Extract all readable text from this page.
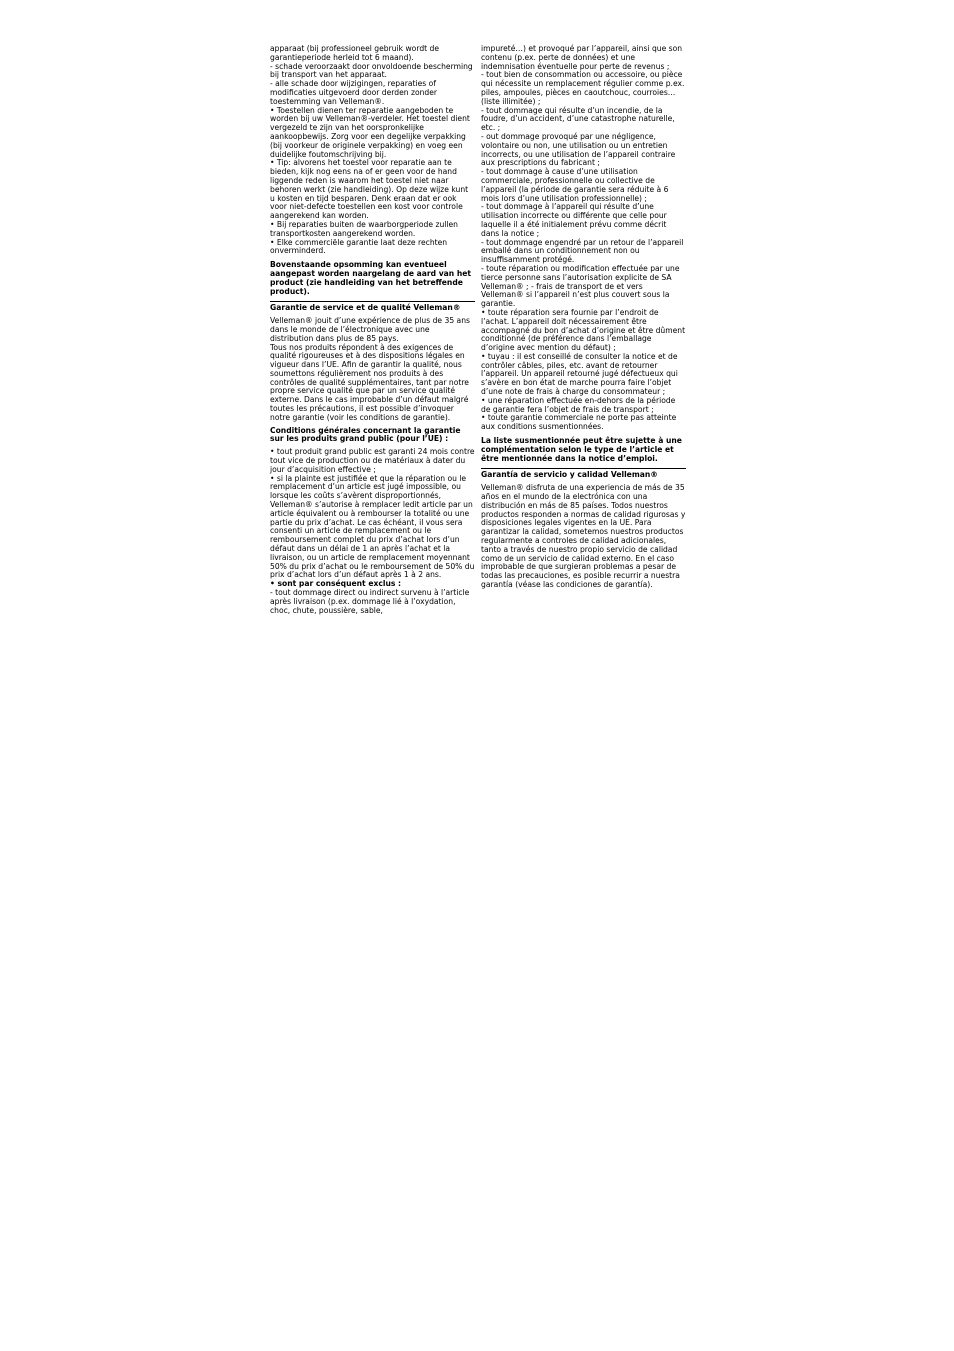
apparaat (bij professioneel gebruik wordt de garantieperiode herleid tot 6 maand).

- schade veroorzaakt door onvoldoende bescherming bij transport van het apparaat.

- alle schade door wijzigingen, reparaties of modificaties uitgevoerd door derden zonder toestemming van Velleman®.

• Toestellen dienen ter reparatie aangeboden te worden bij uw Velleman®-verdeler. Het toestel dient vergezeld te zijn van het oorspronkelijke aankoopbewijs. Zorg voor een degelijke verpakking (bij voorkeur de originele verpakking) en voeg een duidelijke foutomschrijving bij.

• Tip: alvorens het toestel voor reparatie aan te bieden, kijk nog eens na of er geen voor de hand liggende reden is waarom het toestel niet naar behoren werkt (zie handleiding). Op deze wijze kunt u kosten en tijd besparen. Denk eraan dat er ook voor niet-defecte toestellen een kost voor controle aangerekend kan worden.

• Bij reparaties buiten de waarborgperiode zullen transportkosten aangerekend worden.

• Elke commerciële garantie laat deze rechten onverminderd.

Bovenstaande opsomming kan eventueel aangepast worden naargelang de aard van het product (zie handleiding van het betreffende product).

Garantie de service et de qualité Velleman®

Velleman® jouit d’une expérience de plus de 35 ans dans le monde de l’électronique avec une distribution dans plus de 85 pays.

Tous nos produits répondent à des exigences de qualité rigoureuses et à des dispositions légales en vigueur dans l’UE. Afin de garantir la qualité, nous soumettons régulièrement nos produits à des contrôles de qualité supplémentaires, tant par notre propre service qualité que par un service qualité externe. Dans le cas improbable d’un défaut malgré toutes les précautions, il est possible d’invoquer notre garantie (voir les conditions de garantie).

Conditions générales concernant la garantie sur les produits grand public (pour l’UE) :

• tout produit grand public est garanti 24 mois contre tout vice de production ou de matériaux à dater du jour d’acquisition effective ;

• si la plainte est justifiée et que la réparation ou le remplacement d’un article est jugé impossible, ou lorsque les coûts s’avèrent disproportionnés, Velleman® s’autorise à remplacer ledit article par un article équivalent ou à rembourser la totalité ou une partie du prix d’achat. Le cas échéant, il vous sera consenti un article de remplacement ou le remboursement complet du prix d’achat lors d’un défaut dans un délai de 1 an après l’achat et la livraison, ou un article de remplacement moyennant 50% du prix d’achat ou le remboursement de 50% du prix d’achat lors d’un défaut après 1 à 2 ans.

• sont par conséquent exclus :

- tout dommage direct ou indirect survenu à l’article après livraison (p.ex. dommage lié à l’oxydation, choc, chute, poussière, sable,

impureté…) et provoqué par l’appareil, ainsi que son contenu (p.ex. perte de données) et une indemnisation éventuelle pour perte de revenus ;

- tout bien de consommation ou accessoire, ou pièce qui nécessite un remplacement régulier comme p.ex. piles, ampoules, pièces en caoutchouc, courroies… (liste illimitée) ;

- tout dommage qui résulte d’un incendie, de la foudre, d’un accident, d’une catastrophe naturelle, etc. ;

- out dommage provoqué par une négligence, volontaire ou non, une utilisation ou un entretien incorrects, ou une utilisation de l’appareil contraire aux prescriptions du fabricant ;

- tout dommage à cause d’une utilisation commerciale, professionnelle ou collective de l’appareil (la période de garantie sera réduite à 6 mois lors d’une utilisation professionnelle) ;

- tout dommage à l’appareil qui résulte d’une utilisation incorrecte ou différente que celle pour laquelle il a été initialement prévu comme décrit dans la notice ;

- tout dommage engendré par un retour de l’appareil emballé dans un conditionnement non ou insuffisamment protégé.

- toute réparation ou modification effectuée par une tierce personne sans l’autorisation explicite de SA Velleman® ; - frais de transport de et vers Velleman® si l’appareil n’est plus couvert sous la garantie.

• toute réparation sera fournie par l’endroit de l’achat. L’appareil doit nécessairement être accompagné du bon d’achat d’origine et être dûment conditionné (de préférence dans l’emballage d’origine avec mention du défaut) ;

• tuyau : il est conseillé de consulter la notice et de contrôler câbles, piles, etc. avant de retourner l’appareil. Un appareil retourné jugé défectueux qui s’avère en bon état de marche pourra faire l’objet d’une note de frais à charge du consommateur ;

• une réparation effectuée en-dehors de la période de garantie fera l’objet de frais de transport ;

• toute garantie commerciale ne porte pas atteinte aux conditions susmentionnées.

La liste susmentionnée peut être sujette à une complémentation selon le type de l’article et être mentionnée dans la notice d’emploi.

Garantía de servicio y calidad Velleman®

Velleman® disfruta de una experiencia de más de 35 años en el mundo de la electrónica con una distribución en más de 85 países. Todos nuestros productos responden a normas de calidad rigurosas y disposiciones legales vigentes en la UE. Para garantizar la calidad, sometemos nuestros productos regularmente a controles de calidad adicionales, tanto a través de nuestro propio servicio de calidad como de un servicio de calidad externo. En el caso improbable de que surgieran problemas a pesar de todas las precauciones, es posible recurrir a nuestra garantía (véase las condiciones de garantía).
